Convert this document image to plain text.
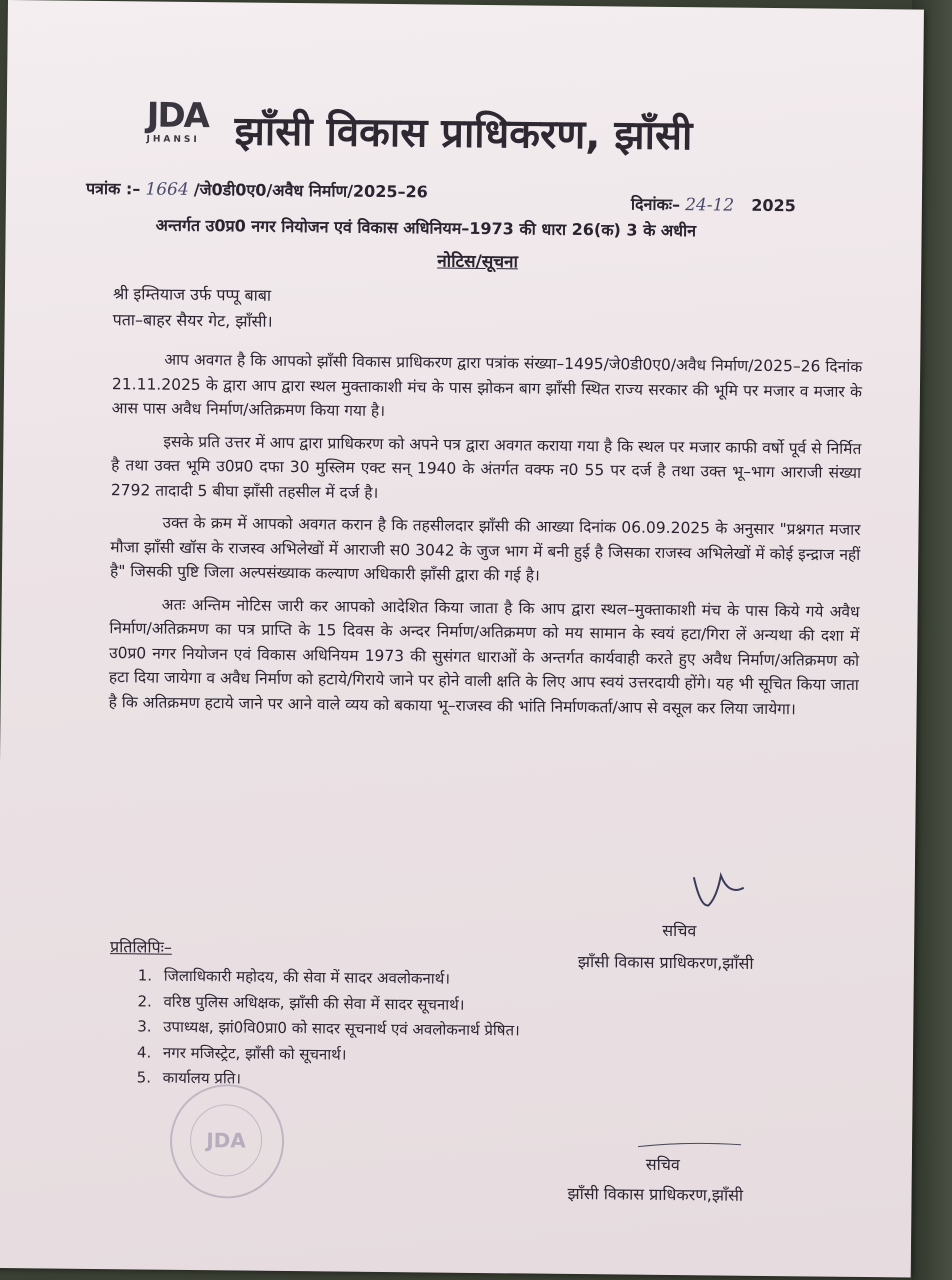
JDA
JHANSI झाँसी विकास प्राधिकरण, झाँसी
पत्रांक :– 1664 /जे0डी0ए0/अवैध निर्माण/2025–26
दिनांकः– 24-12 2025
अन्तर्गत उ0प्र0 नगर नियोजन एवं विकास अधिनियम–1973 की धारा 26(क) 3 के अधीन
नोटिस/सूचना
श्री इम्तियाज उर्फ पप्पू बाबा
पता–बाहर सैयर गेट, झाँसी।

आप अवगत है कि आपको झाँसी विकास प्राधिकरण द्वारा पत्रांक संख्या–1495/जे0डी0ए0/अवैध निर्माण/2025–26 दिनांक 21.11.2025 के द्वारा आप द्वारा स्थल मुक्ताकाशी मंच के पास झोकन बाग झाँसी स्थित राज्य सरकार की भूमि पर मजार व मजार के आस पास अवैध निर्माण/अतिक्रमण किया गया है।

इसके प्रति उत्तर में आप द्वारा प्राधिकरण को अपने पत्र द्वारा अवगत कराया गया है कि स्थल पर मजार काफी वर्षो पूर्व से निर्मित है तथा उक्त भूमि उ0प्र0 दफा 30 मुस्लिम एक्ट सन् 1940 के अंतर्गत वक्फ न0 55 पर दर्ज है तथा उक्त भू–भाग आराजी संख्या 2792 तादादी 5 बीघा झाँसी तहसील में दर्ज है।

उक्त के क्रम में आपको अवगत करान है कि तहसीलदार झाँसी की आख्या दिनांक 06.09.2025 के अनुसार "प्रश्नगत मजार मौजा झाँसी खॉस के राजस्व अभिलेखों में आराजी स0 3042 के जुज भाग में बनी हुई है जिसका राजस्व अभिलेखों में कोई इन्द्राज नहीं है" जिसकी पुष्टि जिला अल्पसंख्याक कल्याण अधिकारी झाँसी द्वारा की गई है।

अतः अन्तिम नोटिस जारी कर आपको आदेशित किया जाता है कि आप द्वारा स्थल–मुक्ताकाशी मंच के पास किये गये अवैध निर्माण/अतिक्रमण का पत्र प्राप्ति के 15 दिवस के अन्दर निर्माण/अतिक्रमण को मय सामान के स्वयं हटा/गिरा लें अन्यथा की दशा में उ0प्र0 नगर नियोजन एवं विकास अधिनियम 1973 की सुसंगत धाराओं के अन्तर्गत कार्यवाही करते हुए अवैध निर्माण/अतिक्रमण को हटा दिया जायेगा व अवैध निर्माण को हटाये/गिराये जाने पर होने वाली क्षति के लिए आप स्वयं उत्तरदायी होंगे। यह भी सूचित किया जाता है कि अतिक्रमण हटाये जाने पर आने वाले व्यय को बकाया भू–राजस्व की भांति निर्माणकर्ता/आप से वसूल कर लिया जायेगा।

सचिव
झाँसी विकास प्राधिकरण,झाँसी
प्रतिलिपिः–
1. जिलाधिकारी महोदय, की सेवा में सादर अवलोकनार्थ।
2. वरिष्ठ पुलिस अधिक्षक, झाँसी की सेवा में सादर सूचनार्थ।
3. उपाध्यक्ष, झां0वि0प्रा0 को सादर सूचनार्थ एवं अवलोकनार्थ प्रेषित।
4. नगर मजिस्ट्रेट, झाँसी को सूचनार्थ।
5. कार्यालय प्रति।
JDA
सचिव
झाँसी विकास प्राधिकरण,झाँसी
